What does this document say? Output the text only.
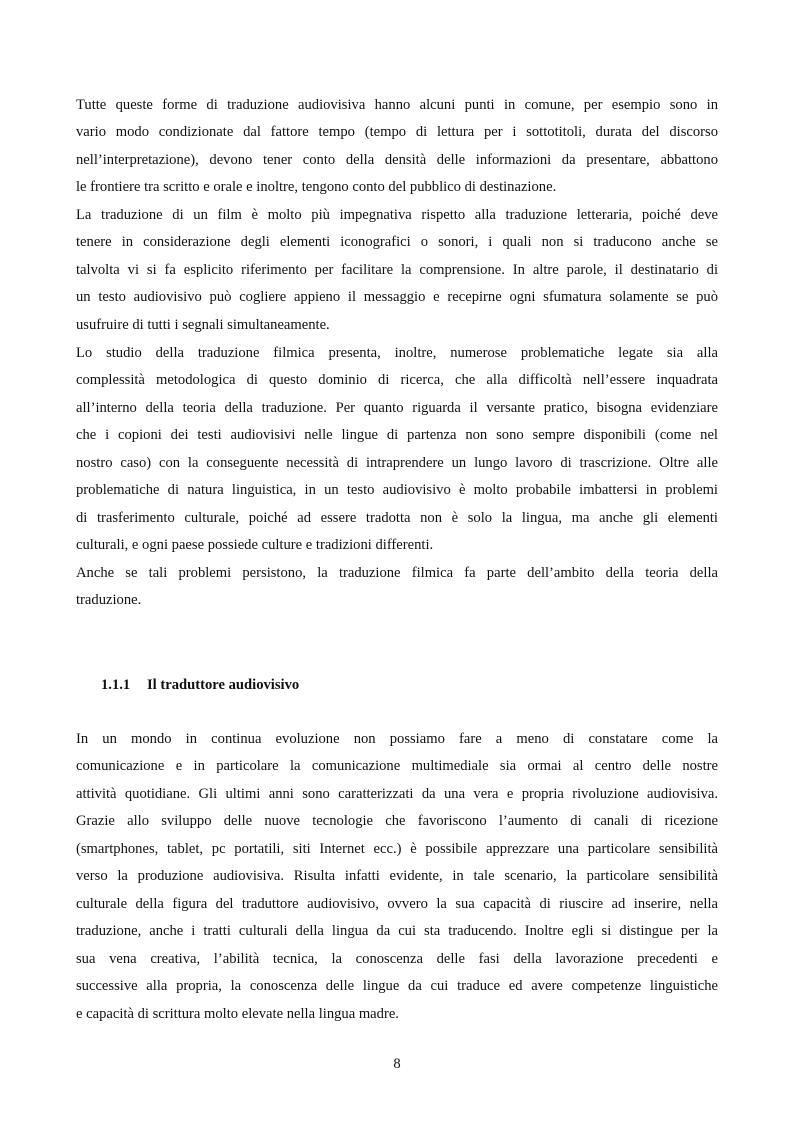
Tutte queste forme di traduzione audiovisiva hanno alcuni punti in comune, per esempio sono in
vario modo condizionate dal fattore tempo (tempo di lettura per i sottotitoli, durata del discorso
nell’interpretazione), devono tener conto della densità delle informazioni da presentare, abbattono
le frontiere tra scritto e orale e inoltre, tengono conto del pubblico di destinazione.
La traduzione di un film è molto più impegnativa rispetto alla traduzione letteraria, poiché deve
tenere in considerazione degli elementi iconografici o sonori, i quali non si traducono anche se
talvolta vi si fa esplicito riferimento per facilitare la comprensione. In altre parole, il destinatario di
un testo audiovisivo può cogliere appieno il messaggio e recepirne ogni sfumatura solamente se può
usufruire di tutti i segnali simultaneamente.
Lo studio della traduzione filmica presenta, inoltre, numerose problematiche legate sia alla
complessità metodologica di questo dominio di ricerca, che alla difficoltà nell’essere inquadrata
all’interno della teoria della traduzione. Per quanto riguarda il versante pratico, bisogna evidenziare
che i copioni dei testi audiovisivi nelle lingue di partenza non sono sempre disponibili (come nel
nostro caso) con la conseguente necessità di intraprendere un lungo lavoro di trascrizione. Oltre alle
problematiche di natura linguistica, in un testo audiovisivo è molto probabile imbattersi in problemi
di trasferimento culturale, poiché ad essere tradotta non è solo la lingua, ma anche gli elementi
culturali, e ogni paese possiede culture e tradizioni differenti.
Anche se tali problemi persistono, la traduzione filmica fa parte dell’ambito della teoria della
traduzione.
1.1.1 Il traduttore audiovisivo
In un mondo in continua evoluzione non possiamo fare a meno di constatare come la
comunicazione e in particolare la comunicazione multimediale sia ormai al centro delle nostre
attività quotidiane. Gli ultimi anni sono caratterizzati da una vera e propria rivoluzione audiovisiva.
Grazie allo sviluppo delle nuove tecnologie che favoriscono l’aumento di canali di ricezione
(smartphones, tablet, pc portatili, siti Internet ecc.) è possibile apprezzare una particolare sensibilità
verso la produzione audiovisiva. Risulta infatti evidente, in tale scenario, la particolare sensibilità
culturale della figura del traduttore audiovisivo, ovvero la sua capacità di riuscire ad inserire, nella
traduzione, anche i tratti culturali della lingua da cui sta traducendo. Inoltre egli si distingue per la
sua vena creativa, l’abilità tecnica, la conoscenza delle fasi della lavorazione precedenti e
successive alla propria, la conoscenza delle lingue da cui traduce ed avere competenze linguistiche
e capacità di scrittura molto elevate nella lingua madre.
8
